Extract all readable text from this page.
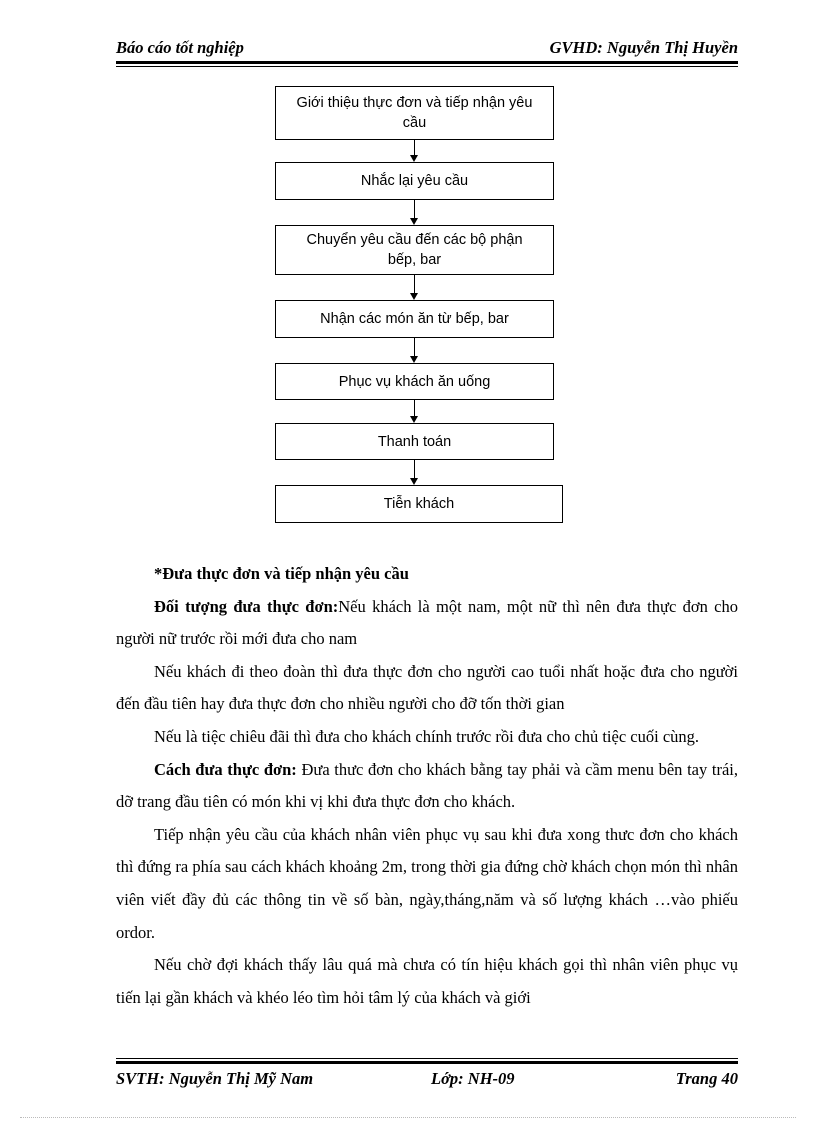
Báo cáo tốt nghiệp	GVHD: Nguyễn Thị Huyền
Giới thiệu thực đơn và tiếp nhận yêu cầu
Nhắc lại yêu cầu
Chuyển yêu cầu đến các bộ phận bếp, bar
Nhận các món ăn từ bếp, bar
Phục vụ khách ăn uống
Thanh toán
Tiễn khách

*Đưa thực đơn và tiếp nhận yêu cầu

Đối tượng đưa thực đơn:Nếu khách là một nam, một nữ thì nên đưa thực đơn cho người nữ trước rồi mới đưa cho nam

Nếu khách đi theo đoàn thì đưa thực đơn cho người cao tuổi nhất hoặc đưa cho người đến đầu tiên hay đưa thực đơn cho nhiều người cho đỡ tốn thời gian

Nếu là tiệc chiêu đãi thì đưa cho khách chính trước rồi đưa cho chủ tiệc cuối cùng.

Cách đưa thực đơn: Đưa thưc đơn cho khách bằng tay phải và cầm menu bên tay trái, dỡ trang đầu tiên có món khi vị khi đưa thực đơn cho khách.

Tiếp nhận yêu cầu của khách nhân viên phục vụ sau khi đưa xong thưc đơn cho khách thì đứng ra phía sau cách khách khoảng 2m, trong thời gia đứng chờ khách chọn món thì nhân viên viết đầy đủ các thông tin về số bàn, ngày,tháng,năm và số lượng khách …vào phiếu ordor.

Nếu chờ đợi khách thấy lâu quá mà chưa có tín hiệu khách gọi thì nhân viên phục vụ tiến lại gần khách và khéo léo tìm hỏi tâm lý của khách và giới

SVTH: Nguyễn Thị Mỹ Nam	Lớp: NH-09	Trang 40
